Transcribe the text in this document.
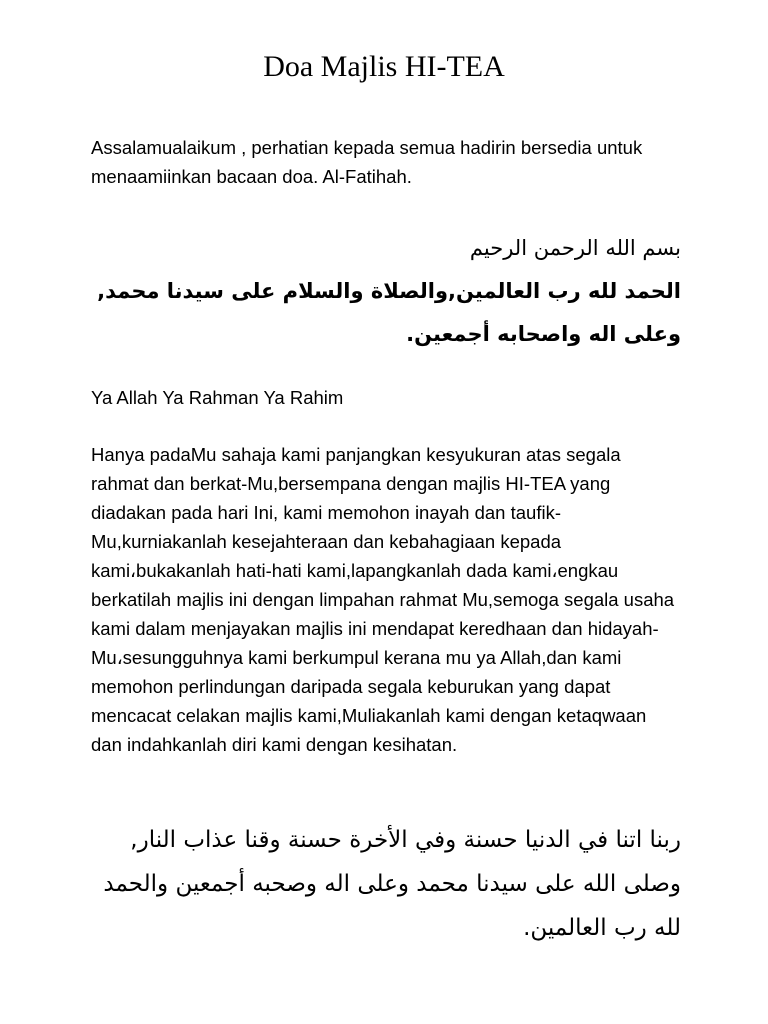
Doa Majlis HI-TEA
Assalamualaikum , perhatian kepada semua hadirin bersedia untuk menaamiinkan bacaan doa. Al-Fatihah.
بسم الله الرحمن الرحيم
الحمد لله رب العالمين,والصلاة والسلام على سيدنا محمد,
وعلى اله واصحابه أجمعين.
Ya Allah Ya Rahman Ya Rahim
Hanya padaMu sahaja kami panjangkan kesyukuran atas segala rahmat dan berkat-Mu,bersempana dengan majlis HI-TEA yang diadakan pada hari Ini, kami memohon inayah dan taufik-Mu,kurniakanlah kesejahteraan dan kebahagiaan kepada kami،bukakanlah hati-hati kami,lapangkanlah dada kami،engkau berkatilah majlis ini dengan limpahan rahmat Mu,semoga segala usaha kami dalam menjayakan majlis ini mendapat keredhaan dan hidayah-Mu،sesungguhnya kami berkumpul kerana mu ya Allah,dan kami memohon perlindungan daripada segala keburukan yang dapat mencacat celakan majlis kami,Muliakanlah kami dengan ketaqwaan dan indahkanlah diri kami dengan kesihatan.
ربنا اتنا في الدنيا حسنة وفي الأخرة حسنة وقنا عذاب النار,
وصلى الله على سيدنا محمد وعلى اله وصحبه أجمعين والحمد
لله رب العالمين.
